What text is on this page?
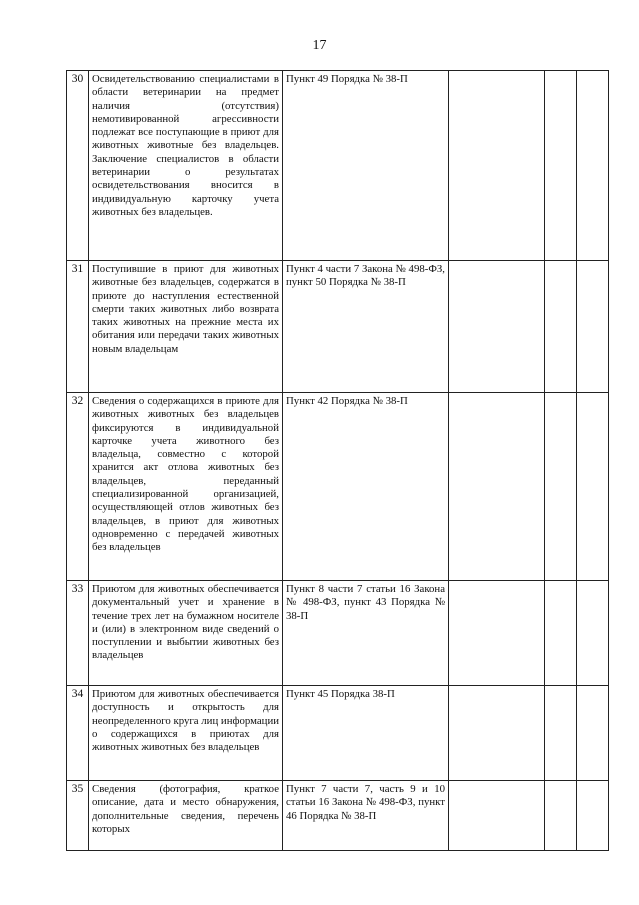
17
30	Освидетельствованию специалистами в области ветеринарии на предмет наличия (отсутствия) немотивированной агрессивности подлежат все поступающие в приют для животных животные без владельцев. Заключение специалистов в области ветеринарии о результатах освидетельствования вносится в индивидуальную карточку учета животных без владельцев.	Пункт 49 Порядка № 38-П			
31	Поступившие в приют для животных животные без владельцев, содержатся в приюте до наступления естественной смерти таких животных либо возврата таких животных на прежние места их обитания или передачи таких животных новым владельцам	Пункт 4 части 7 Закона № 498-ФЗ, пункт 50 Порядка № 38-П			
32	Сведения о содержащихся в приюте для животных животных без владельцев фиксируются в индивидуальной карточке учета животного без владельца, совместно с которой хранится акт отлова животных без владельцев, переданный специализированной организацией, осуществляющей отлов животных без владельцев, в приют для животных одновременно с передачей животных без владельцев	Пункт 42 Порядка № 38-П			
33	Приютом для животных обеспечивается документальный учет и хранение в течение трех лет на бумажном носителе и (или) в электронном виде сведений о поступлении и выбытии животных без владельцев	Пункт 8 части 7 статьи 16 Закона № 498-ФЗ, пункт 43 Порядка № 38-П			
34	Приютом для животных обеспечивается доступность и открытость для неопределенного круга лиц информации о содержащихся в приютах для животных животных без владельцев	Пункт 45 Порядка 38-П			
35	Сведения (фотография, краткое описание, дата и место обнаружения, дополнительные сведения, перечень которых	Пункт 7 части 7, часть 9 и 10 статьи 16 Закона № 498-ФЗ, пункт 46 Порядка № 38-П			
